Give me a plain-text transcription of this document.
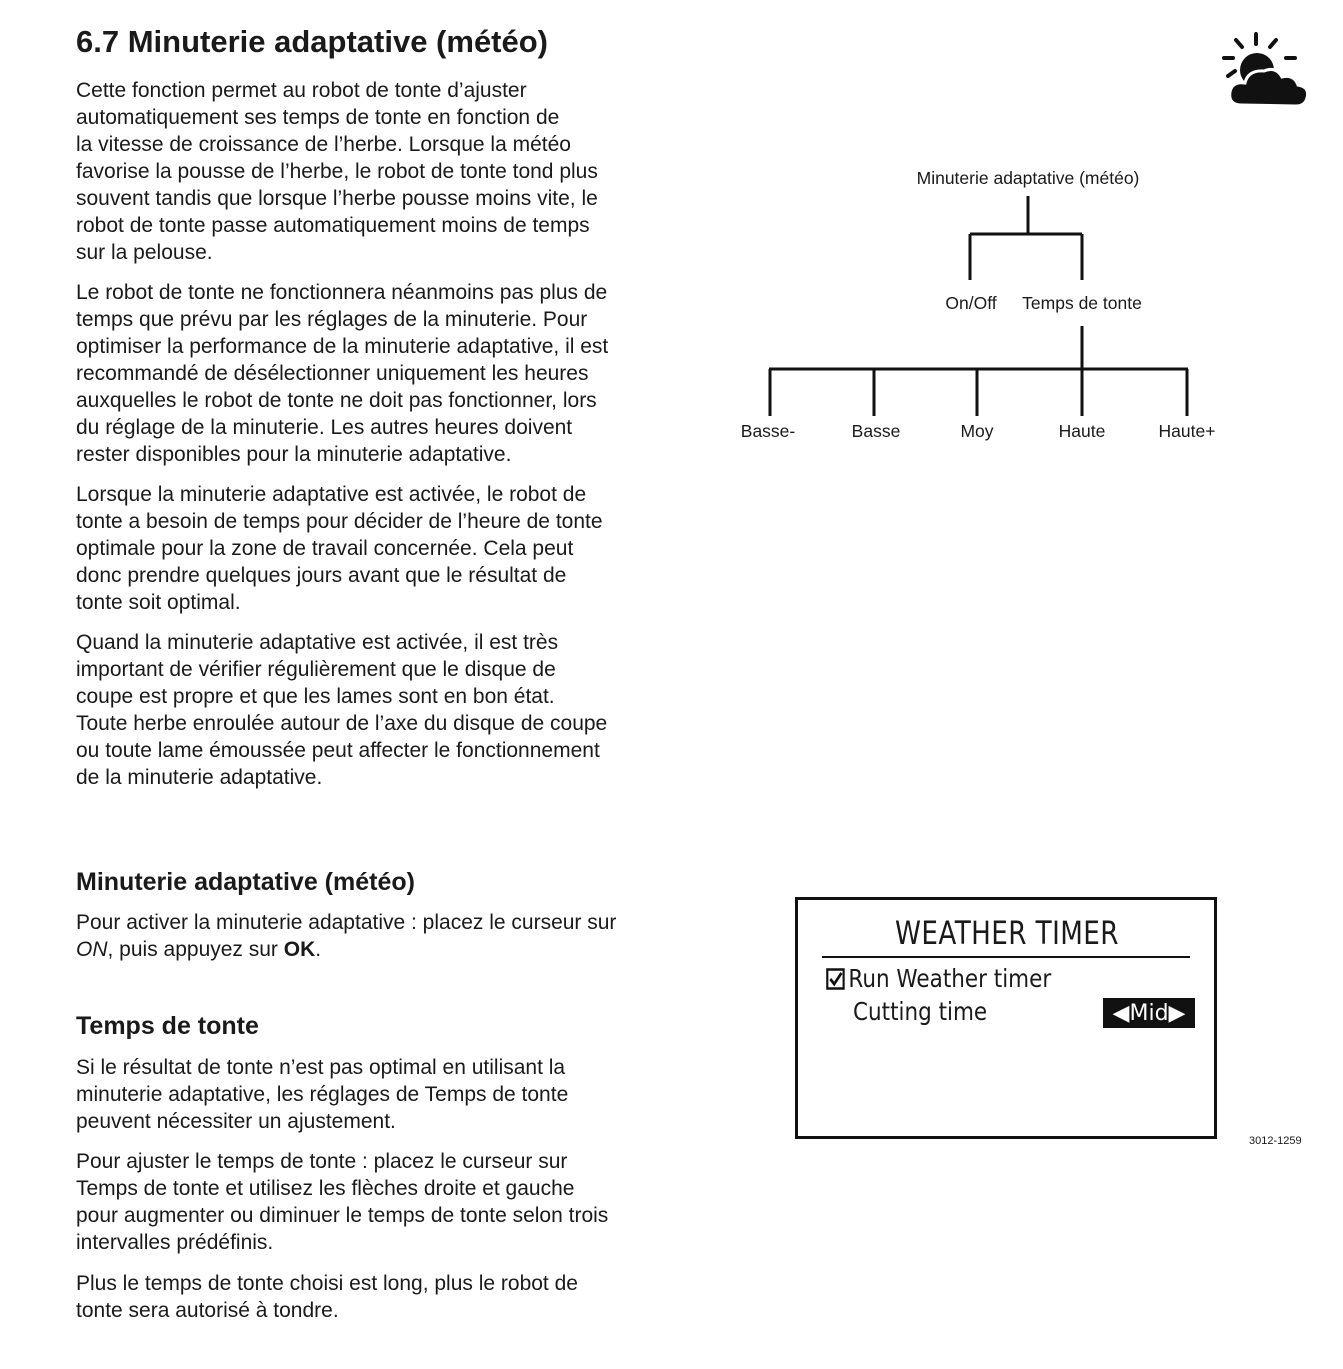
6.7 Minuterie adaptative (météo)

Cette fonction permet au robot de tonte d’ajuster
automatiquement ses temps de tonte en fonction de
la vitesse de croissance de l’herbe. Lorsque la météo
favorise la pousse de l’herbe, le robot de tonte tond plus
souvent tandis que lorsque l’herbe pousse moins vite, le
robot de tonte passe automatiquement moins de temps
sur la pelouse.

Le robot de tonte ne fonctionnera néanmoins pas plus de
temps que prévu par les réglages de la minuterie. Pour
optimiser la performance de la minuterie adaptative, il est
recommandé de désélectionner uniquement les heures
auxquelles le robot de tonte ne doit pas fonctionner, lors
du réglage de la minuterie. Les autres heures doivent
rester disponibles pour la minuterie adaptative.

Lorsque la minuterie adaptative est activée, le robot de
tonte a besoin de temps pour décider de l’heure de tonte
optimale pour la zone de travail concernée. Cela peut
donc prendre quelques jours avant que le résultat de
tonte soit optimal.

Quand la minuterie adaptative est activée, il est très
important de vérifier régulièrement que le disque de
coupe est propre et que les lames sont en bon état.
Toute herbe enroulée autour de l’axe du disque de coupe
ou toute lame émoussée peut affecter le fonctionnement
de la minuterie adaptative.

Minuterie adaptative (météo)

Pour activer la minuterie adaptative : placez le curseur sur
ON, puis appuyez sur OK.

Temps de tonte

Si le résultat de tonte n’est pas optimal en utilisant la
minuterie adaptative, les réglages de Temps de tonte
peuvent nécessiter un ajustement.

Pour ajuster le temps de tonte : placez le curseur sur
Temps de tonte et utilisez les flèches droite et gauche
pour augmenter ou diminuer le temps de tonte selon trois
intervalles prédéfinis.

Plus le temps de tonte choisi est long, plus le robot de
tonte sera autorisé à tondre.

Minuterie adaptative (météo)
On/Off Temps de tonte
Basse-	Basse	Moy	Haute	Haute+
WEATHER TIMER
Run Weather timer
Cutting time	◀ Mid ▶
3012-1259
